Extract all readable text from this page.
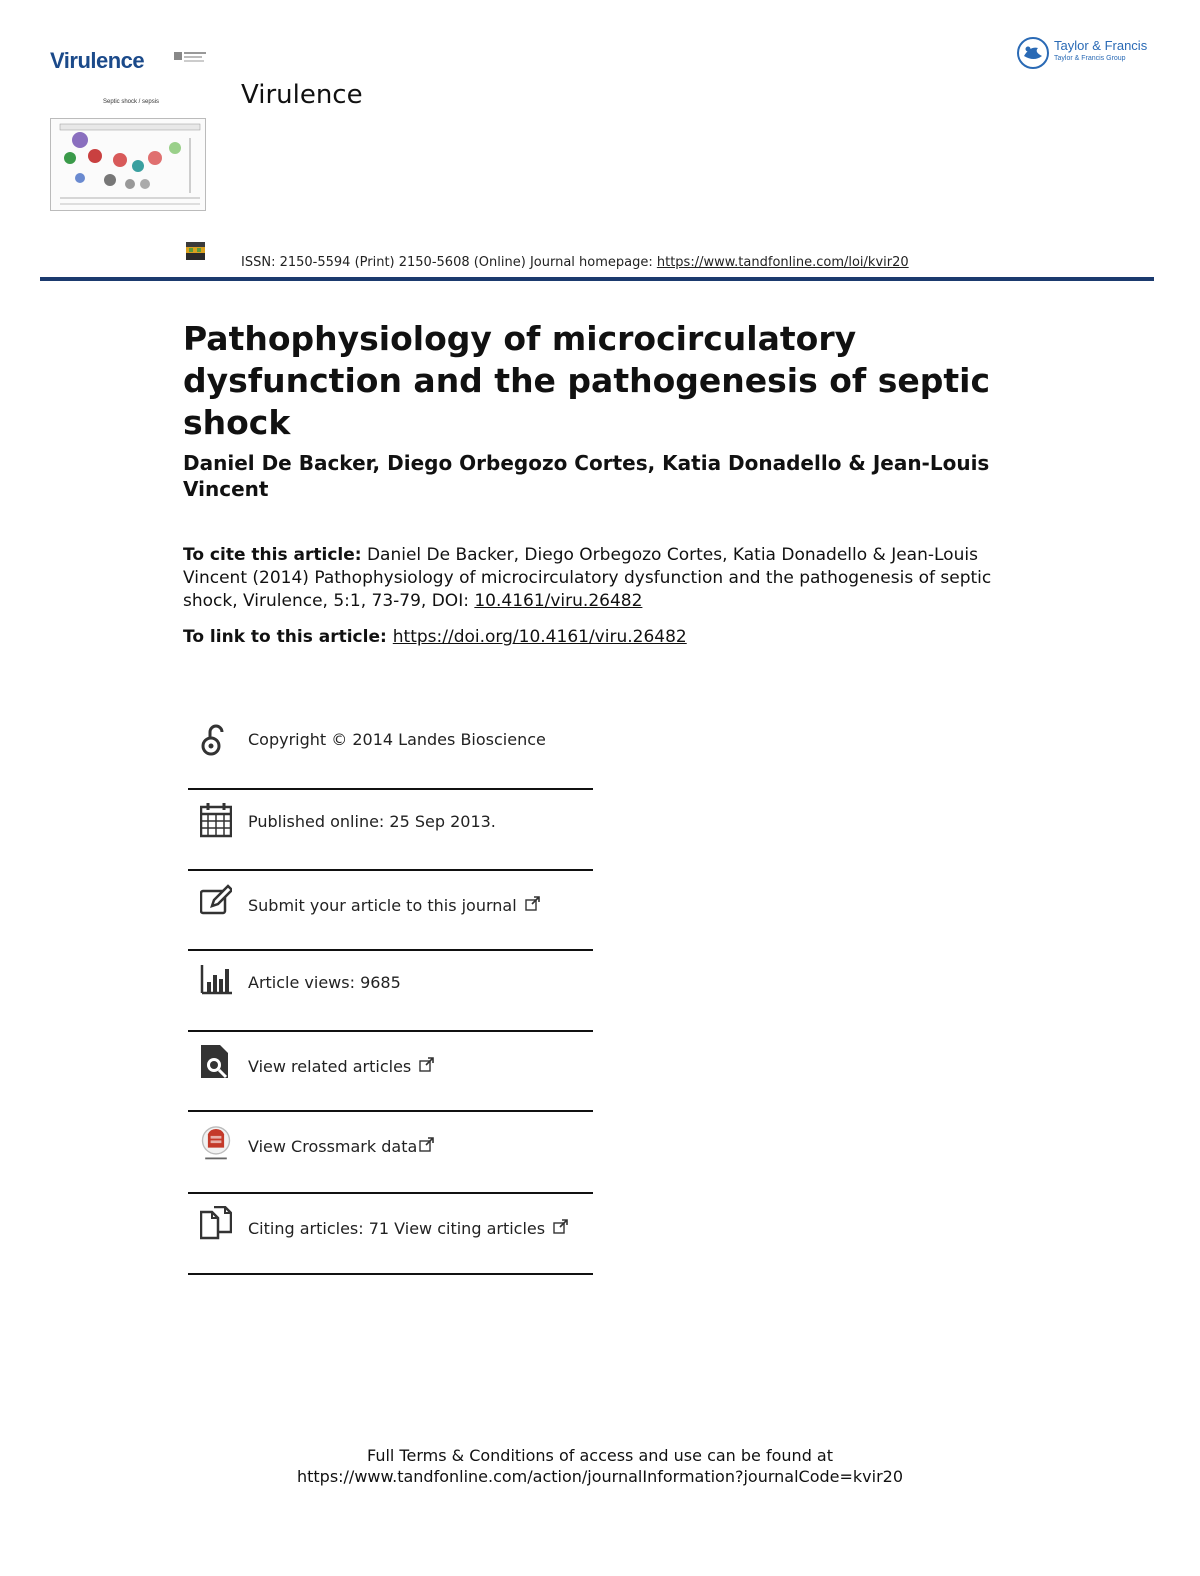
Virulence
Septic shock / sepsis	Virulence
Taylor & Francis
Taylor & Francis Group
ISSN: 2150-5594 (Print) 2150-5608 (Online) Journal homepage: https://www.tandfonline.com/loi/kvir20
Pathophysiology of microcirculatory dysfunction and the pathogenesis of septic shock
Daniel De Backer, Diego Orbegozo Cortes, Katia Donadello & Jean-Louis Vincent
To cite this article: Daniel De Backer, Diego Orbegozo Cortes, Katia Donadello & Jean-Louis Vincent (2014) Pathophysiology of microcirculatory dysfunction and the pathogenesis of septic shock, Virulence, 5:1, 73-79, DOI: 10.4161/viru.26482
To link to this article: https://doi.org/10.4161/viru.26482
Copyright © 2014 Landes Bioscience
Published online: 25 Sep 2013.
Submit your article to this journal
Article views: 9685
View related articles
View Crossmark data
Citing articles: 71 View citing articles
Full Terms & Conditions of access and use can be found at
https://www.tandfonline.com/action/journalInformation?journalCode=kvir20
